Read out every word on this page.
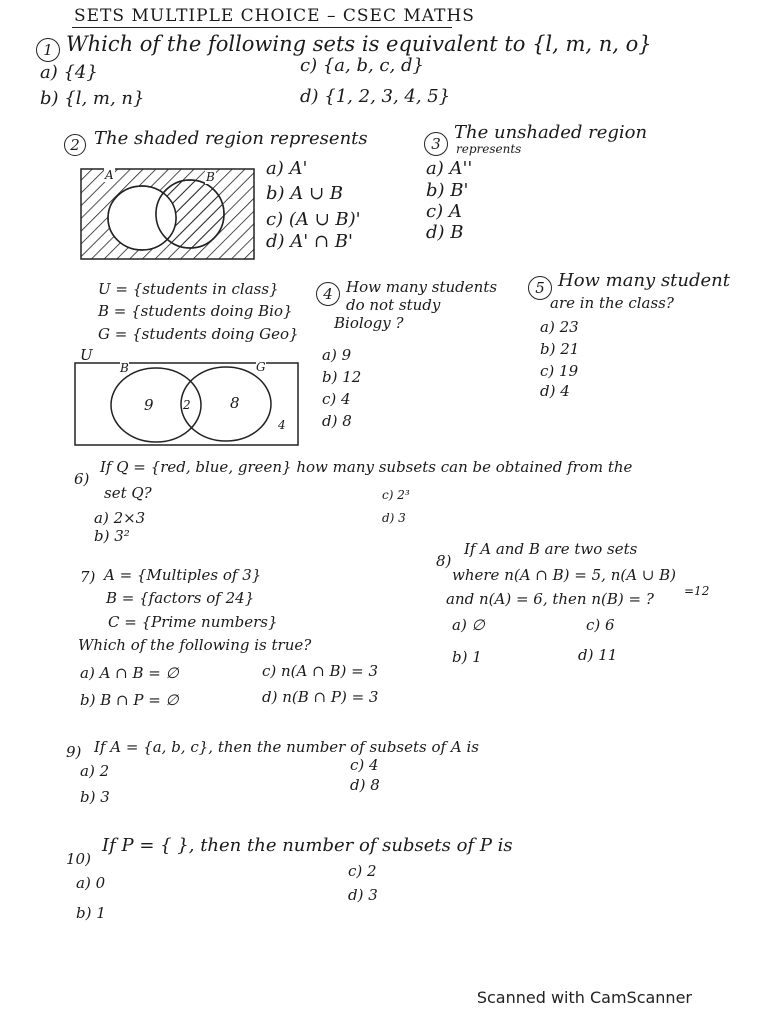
SETS MULTIPLE CHOICE – CSEC MATHS
1 Which of the following sets is equivalent to {l, m, n, o}
a) {4}
b) {l, m, n}
c) {a, b, c, d}
d) {1, 2, 3, 4, 5}
2 The shaded region represents
A	B	a) A'
b) A ∪ B
c) (A ∪ B)'
d) A' ∩ B'
3
The unshaded region
represents
a) A''
b) B'
c) A
d) B
U = {students in class}
B = {students doing Bio}
G = {students doing Geo}
U
B	G
9 2	8
4
4 How many students
do not study
Biology ?
a) 9
b) 12
c) 4
d) 8
5 How many student
are in the class?
a) 23
b) 21
c) 19
d) 4
6)
If Q = {red, blue, green} how many subsets can be obtained from the
set Q?
a) 2×3
b) 3²
c) 2³
d) 3
7) A = {Multiples of 3}
B = {factors of 24}
C = {Prime numbers}
Which of the following is true?
a) A ∩ B = ∅
b) B ∩ P = ∅
c) n(A ∩ B) = 3
d) n(B ∩ P) = 3
8)
If A and B are two sets
where n(A ∩ B) = 5, n(A ∪ B)
=12
and n(A) = 6, then n(B) = ?
a) ∅
b) 1
c) 6
d) 11
9) If A = {a, b, c}, then the number of subsets of A is
a) 2
b) 3
c) 4
d) 8
10)
If P = { }, then the number of subsets of P is
a) 0
b) 1
c) 2
d) 3
Scanned with CamScanner
